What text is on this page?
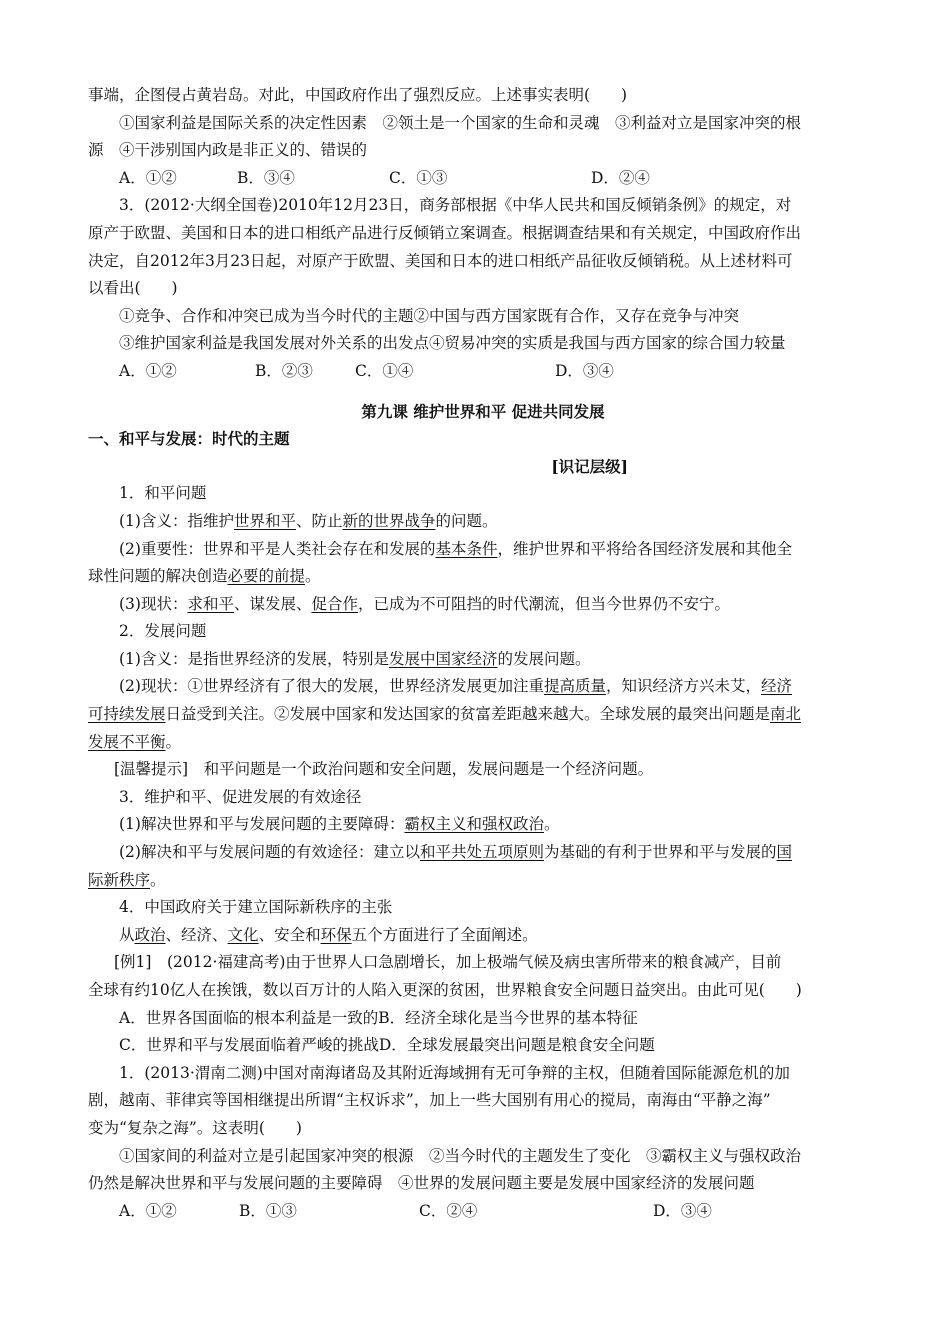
事端，企图侵占黄岩岛。对此，中国政府作出了强烈反应。上述事实表明(　　)

①国家利益是国际关系的决定性因素　②领土是一个国家的生命和灵魂　③利益对立是国家冲突的根

源　④干涉别国内政是非正义的、错误的

A．①②	B．③④	C．①③	D．②④

3．(2012·大纲全国卷)2010年12月23日，商务部根据《中华人民共和国反倾销条例》的规定，对

原产于欧盟、美国和日本的进口相纸产品进行反倾销立案调查。根据调查结果和有关规定，中国政府作出

决定，自2012年3月23日起，对原产于欧盟、美国和日本的进口相纸产品征收反倾销税。从上述材料可

以看出(　　)

①竞争、合作和冲突已成为当今时代的主题②中国与西方国家既有合作，又存在竞争与冲突

③维护国家利益是我国发展对外关系的出发点④贸易冲突的实质是我国与西方国家的综合国力较量

A．①②	B．②③	C．①④	D．③④

第九课 维护世界和平 促进共同发展

一、和平与发展：时代的主题

[识记层级]

1．和平问题

(1)含义：指维护世界和平、防止新的世界战争的问题。

(2)重要性：世界和平是人类社会存在和发展的基本条件，维护世界和平将给各国经济发展和其他全

球性问题的解决创造必要的前提。

(3)现状：求和平、谋发展、促合作，已成为不可阻挡的时代潮流，但当今世界仍不安宁。

2．发展问题

(1)含义：是指世界经济的发展，特别是发展中国家经济的发展问题。

(2)现状：①世界经济有了很大的发展，世界经济发展更加注重提高质量，知识经济方兴未艾，经济

可持续发展日益受到关注。②发展中国家和发达国家的贫富差距越来越大。全球发展的最突出问题是南北

发展不平衡。

[温馨提示]　和平问题是一个政治问题和安全问题，发展问题是一个经济问题。

3．维护和平、促进发展的有效途径

(1)解决世界和平与发展问题的主要障碍：霸权主义和强权政治。

(2)解决和平与发展问题的有效途径：建立以和平共处五项原则为基础的有利于世界和平与发展的国

际新秩序。

4．中国政府关于建立国际新秩序的主张

从政治、经济、文化、安全和环保五个方面进行了全面阐述。

[例1]　(2012·福建高考)由于世界人口急剧增长，加上极端气候及病虫害所带来的粮食减产，目前

全球有约10亿人在挨饿，数以百万计的人陷入更深的贫困，世界粮食安全问题日益突出。由此可见(　　)

A．世界各国面临的根本利益是一致的B．经济全球化是当今世界的基本特征

C．世界和平与发展面临着严峻的挑战D．全球发展最突出问题是粮食安全问题

1．(2013·渭南二测)中国对南海诸岛及其附近海域拥有无可争辩的主权，但随着国际能源危机的加

剧，越南、菲律宾等国相继提出所谓“主权诉求”，加上一些大国别有用心的搅局，南海由“平静之海”

变为“复杂之海”。这表明(　　)

①国家间的利益对立是引起国家冲突的根源　②当今时代的主题发生了变化　③霸权主义与强权政治

仍然是解决世界和平与发展问题的主要障碍　④世界的发展问题主要是发展中国家经济的发展问题

A．①②	B．①③	C．②④	D．③④
